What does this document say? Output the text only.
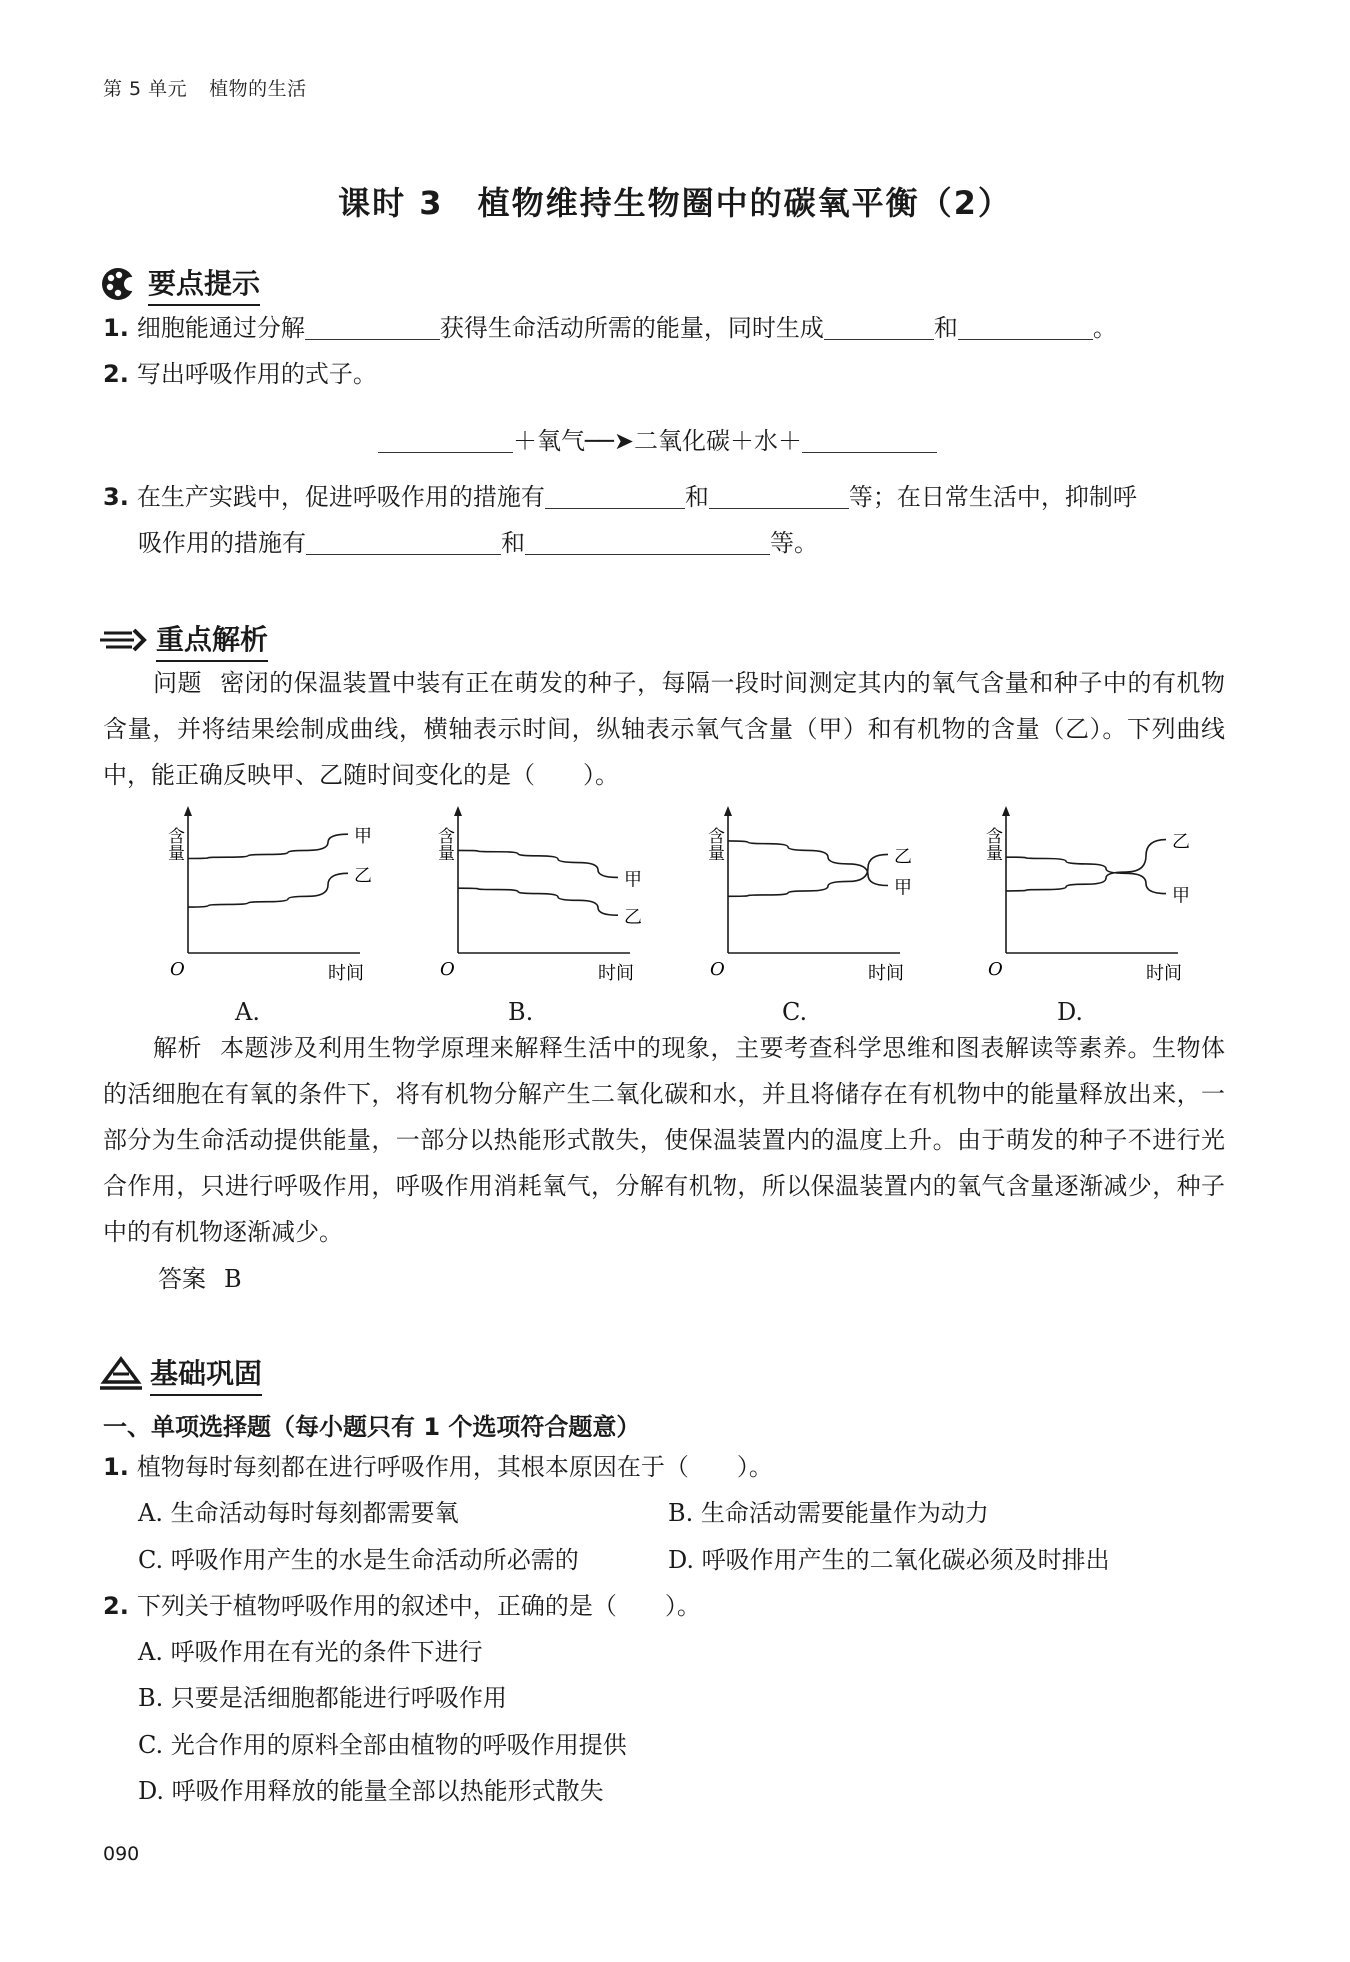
第 5 单元 植物的生活
课时 3 植物维持生物圈中的碳氧平衡（2）
要点提示
1. 细胞能通过分解	获得生命活动所需的能量，同时生成	和	。
2. 写出呼吸作用的式子。
＋氧气──➤二氧化碳＋水＋
3. 在生产实践中，促进呼吸作用的措施有	和	等；在日常生活中，抑制呼
吸作用的措施有	和	等。
重点解析
问题 密闭的保温装置中装有正在萌发的种子，每隔一段时间测定其内的氧气含量和种子中的有机物含量，并将结果绘制成曲线，横轴表示时间，纵轴表示氧气含量（甲）和有机物的含量（乙）。下列曲线中，能正确反映甲、乙随时间变化的是（　　）。
含量
O	时间
甲
乙
含量
O	时间
甲
乙
含量
O	时间
甲
乙	含量
O	时间
甲
乙
A.	B.	C.	D.
解析 本题涉及利用生物学原理来解释生活中的现象，主要考查科学思维和图表解读等素养。生物体的活细胞在有氧的条件下，将有机物分解产生二氧化碳和水，并且将储存在有机物中的能量释放出来，一部分为生命活动提供能量，一部分以热能形式散失，使保温装置内的温度上升。由于萌发的种子不进行光合作用，只进行呼吸作用，呼吸作用消耗氧气，分解有机物，所以保温装置内的氧气含量逐渐减少，种子中的有机物逐渐减少。
答案 B
基础巩固
一、单项选择题（每小题只有 1 个选项符合题意）
1. 植物每时每刻都在进行呼吸作用，其根本原因在于（　　）。
A. 生命活动每时每刻都需要氧	B. 生命活动需要能量作为动力
C. 呼吸作用产生的水是生命活动所必需的	D. 呼吸作用产生的二氧化碳必须及时排出
2. 下列关于植物呼吸作用的叙述中，正确的是（　　）。
A. 呼吸作用在有光的条件下进行
B. 只要是活细胞都能进行呼吸作用
C. 光合作用的原料全部由植物的呼吸作用提供
D. 呼吸作用释放的能量全部以热能形式散失
090
